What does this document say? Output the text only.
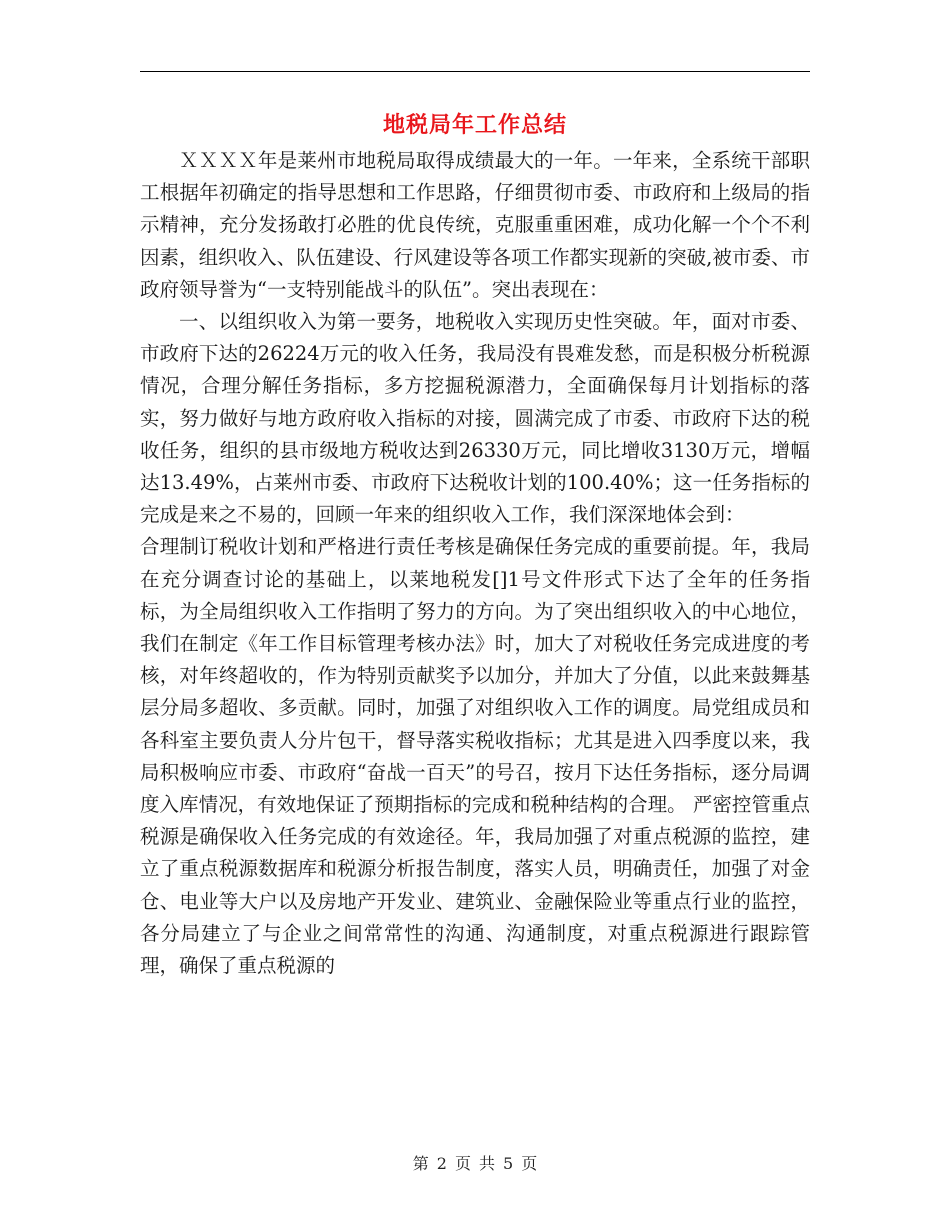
地税局年工作总结

ＸＸＸＸ年是莱州市地税局取得成绩最大的一年。一年来，全系统干部职工根据年初确定的指导思想和工作思路，仔细贯彻市委、市政府和上级局的指示精神，充分发扬敢打必胜的优良传统，克服重重困难，成功化解一个个不利因素，组织收入、队伍建设、行风建设等各项工作都实现新的突破,被市委、市政府领导誉为“一支特别能战斗的队伍”。突出表现在：

一、以组织收入为第一要务，地税收入实现历史性突破。年，面对市委、市政府下达的26224万元的收入任务，我局没有畏难发愁，而是积极分析税源情况，合理分解任务指标，多方挖掘税源潜力，全面确保每月计划指标的落实，努力做好与地方政府收入指标的对接，圆满完成了市委、市政府下达的税收任务，组织的县市级地方税收达到26330万元，同比增收3130万元，增幅达13.49%，占莱州市委、市政府下达税收计划的100.40%；这一任务指标的完成是来之不易的，回顾一年来的组织收入工作，我们深深地体会到：

合理制订税收计划和严格进行责任考核是确保任务完成的重要前提。年，我局在充分调查讨论的基础上，以莱地税发[]1号文件形式下达了全年的任务指标，为全局组织收入工作指明了努力的方向。为了突出组织收入的中心地位，我们在制定《年工作目标管理考核办法》时，加大了对税收任务完成进度的考核，对年终超收的，作为特别贡献奖予以加分，并加大了分值，以此来鼓舞基层分局多超收、多贡献。同时，加强了对组织收入工作的调度。局党组成员和各科室主要负责人分片包干，督导落实税收指标；尤其是进入四季度以来，我局积极响应市委、市政府“奋战一百天”的号召，按月下达任务指标，逐分局调度入库情况，有效地保证了预期指标的完成和税种结构的合理。 严密控管重点税源是确保收入任务完成的有效途径。年，我局加强了对重点税源的监控，建立了重点税源数据库和税源分析报告制度，落实人员，明确责任，加强了对金仓、电业等大户以及房地产开发业、建筑业、金融保险业等重点行业的监控，各分局建立了与企业之间常常性的沟通、沟通制度，对重点税源进行跟踪管理，确保了重点税源的

第 2 页 共 5 页
